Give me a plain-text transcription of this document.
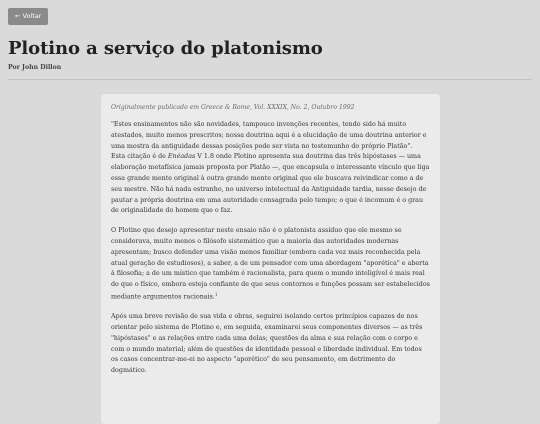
← Voltar
Plotino a serviço do platonismo
Por John Dillon
Originalmente publicado em Greece & Rome, Vol. XXXIX, No. 2, Outubro 1992
"Estes ensinamentos não são novidades, tampouco invenções recentes, tendo sido há muito
atestados, muito menos prescritos; nossa doutrina aqui é a elucidação de uma doutrina anterior e
uma mostra da antiguidade dessas posições pode ser vista no testemunho do próprio Platão".
Esta citação é de Enéadas V 1.8 onde Plotino apresenta sua doutrina das três hipóstases — uma
elaboração metafísica jamais proposta por Platão —, que encapsula o interessante vínculo que liga
essa grande mente original à outra grande mente original que ele buscava reivindicar como a de
seu mestre. Não há nada estranho, no universo intelectual da Antiguidade tardia, nesse desejo de
pautar a própria doutrina em uma autoridade consagrada pelo tempo; o que é incomum é o grau
de originalidade do homem que o faz.
O Plotino que desejo apresentar neste ensaio não é o platonista assíduo que ele mesmo se
considerava, muito menos o filósofo sistemático que a maioria das autoridades modernas
apresentam; busco defender uma visão menos familiar (embora cada vez mais reconhecida pela
atual geração de estudiosos), a saber, a de um pensador com uma abordagem "aporética" e aberta
à filosofia; a de um místico que também é racionalista, para quem o mundo inteligível é mais real
do que o físico, embora esteja confiante de que seus contornos e funções possam ser estabelecidos
mediante argumentos racionais.$^1$
Após uma breve revisão de sua vida e obras, seguirei isolando certos princípios capazes de nos
orientar pelo sistema de Plotino e, em seguida, examinarei seus componentes diversos — as três
"hipóstases" e as relações entre cada uma delas; questões da alma e sua relação com o corpo e
com o mundo material; além de questões de identidade pessoal e liberdade individual. Em todos
os casos concentrar-me-ei no aspecto "aporético" de seu pensamento, em detrimento do
dogmático.
